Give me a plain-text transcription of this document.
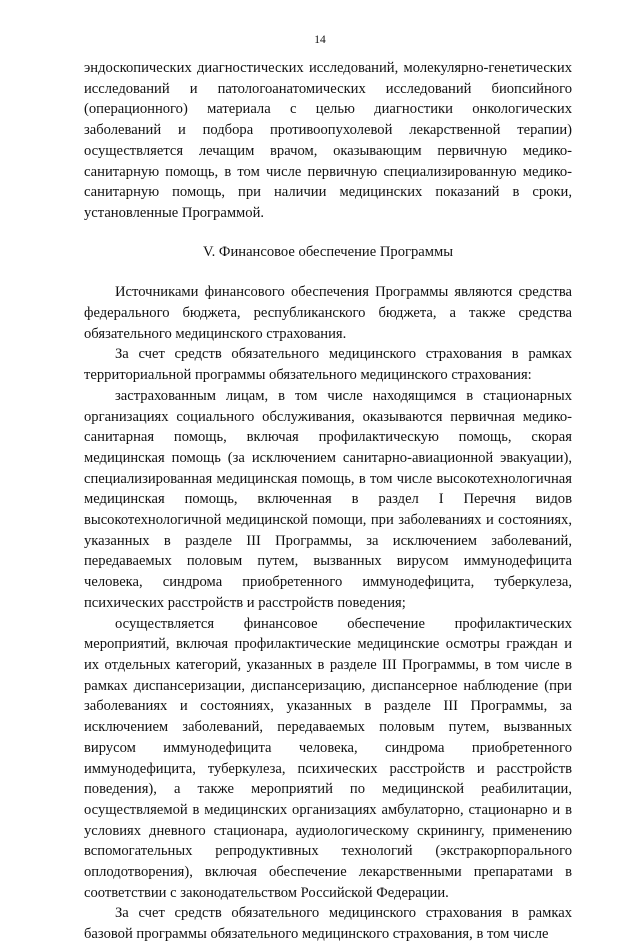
14

эндоскопических диагностических исследований, молекулярно-генетических исследований и патологоанатомических исследований биопсийного (операционного) материала с целью диагностики онкологических заболеваний и подбора противоопухолевой лекарственной терапии) осуществляется лечащим врачом, оказывающим первичную медико-санитарную помощь, в том числе первичную специализированную медико-санитарную помощь, при наличии медицинских показаний в сроки, установленные Программой.

V. Финансовое обеспечение Программы

Источниками финансового обеспечения Программы являются средства федерального бюджета, республиканского бюджета, а также средства обязательного медицинского страхования.

За счет средств обязательного медицинского страхования в рамках территориальной программы обязательного медицинского страхования:

застрахованным лицам, в том числе находящимся в стационарных организациях социального обслуживания, оказываются первичная медико-санитарная помощь, включая профилактическую помощь, скорая медицинская помощь (за исключением санитарно-авиационной эвакуации), специализированная медицинская помощь, в том числе высокотехнологичная медицинская помощь, включенная в раздел I Перечня видов высокотехнологичной медицинской помощи, при заболеваниях и состояниях, указанных в разделе III Программы, за исключением заболеваний, передаваемых половым путем, вызванных вирусом иммунодефицита человека, синдрома приобретенного иммунодефицита, туберкулеза, психических расстройств и расстройств поведения;

осуществляется финансовое обеспечение профилактических мероприятий, включая профилактические медицинские осмотры граждан и их отдельных категорий, указанных в разделе III Программы, в том числе в рамках диспансеризации, диспансеризацию, диспансерное наблюдение (при заболеваниях и состояниях, указанных в разделе III Программы, за исключением заболеваний, передаваемых половым путем, вызванных вирусом иммунодефицита человека, синдрома приобретенного иммунодефицита, туберкулеза, психических расстройств и расстройств поведения), а также мероприятий по медицинской реабилитации, осуществляемой в медицинских организациях амбулаторно, стационарно и в условиях дневного стационара, аудиологическому скринингу, применению вспомогательных репродуктивных технологий (экстракорпорального оплодотворения), включая обеспечение лекарственными препаратами в соответствии с законодательством Российской Федерации.

За счет средств обязательного медицинского страхования в рамках базовой программы обязательного медицинского страхования, в том числе
